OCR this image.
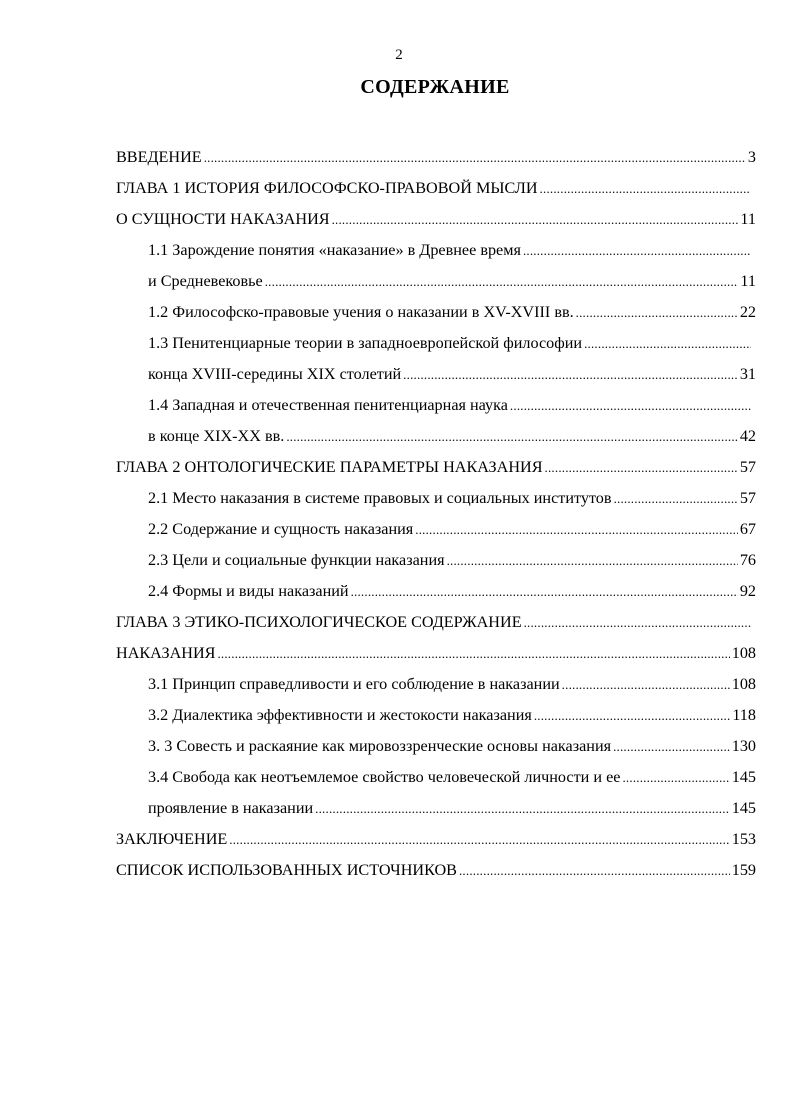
2
СОДЕРЖАНИЕ
ВВЕДЕНИЕ .....	3
ГЛАВА 1 ИСТОРИЯ ФИЛОСОФСКО-ПРАВОВОЙ МЫСЛИ
.....
О СУЩНОСТИ НАКАЗАНИЯ .....	11
1.1 Зарождение понятия «наказание» в Древнее время
.....
и Средневековье .....	11
1.2 Философско-правовые учения о наказании в XV-XVIII вв. .....	22
1.3 Пенитенциарные теории в западноевропейской философии
.....
конца XVIII-середины XIX столетий .....	31
1.4 Западная и отечественная пенитенциарная наука
.....
в конце XIX-XX вв. .....	42
ГЛАВА 2 ОНТОЛОГИЧЕСКИЕ ПАРАМЕТРЫ НАКАЗАНИЯ .....	57
2.1 Место наказания в системе правовых и социальных институтов .....	57
2.2 Содержание и сущность наказания .....	67
2.3 Цели и социальные функции наказания .....	76
2.4 Формы и виды наказаний .....	92
ГЛАВА 3 ЭТИКО-ПСИХОЛОГИЧЕСКОЕ СОДЕРЖАНИЕ
.....
НАКАЗАНИЯ .....	108
3.1 Принцип справедливости и его соблюдение в наказании .....	108
3.2 Диалектика эффективности и жестокости наказания .....	118
3. 3 Совесть и раскаяние как мировоззренческие основы наказания .....	130
3.4 Свобода как неотъемлемое свойство человеческой личности и ее .....	145
проявление в наказании .....	145
ЗАКЛЮЧЕНИЕ .....	153
СПИСОК ИСПОЛЬЗОВАННЫХ ИСТОЧНИКОВ .....	159
